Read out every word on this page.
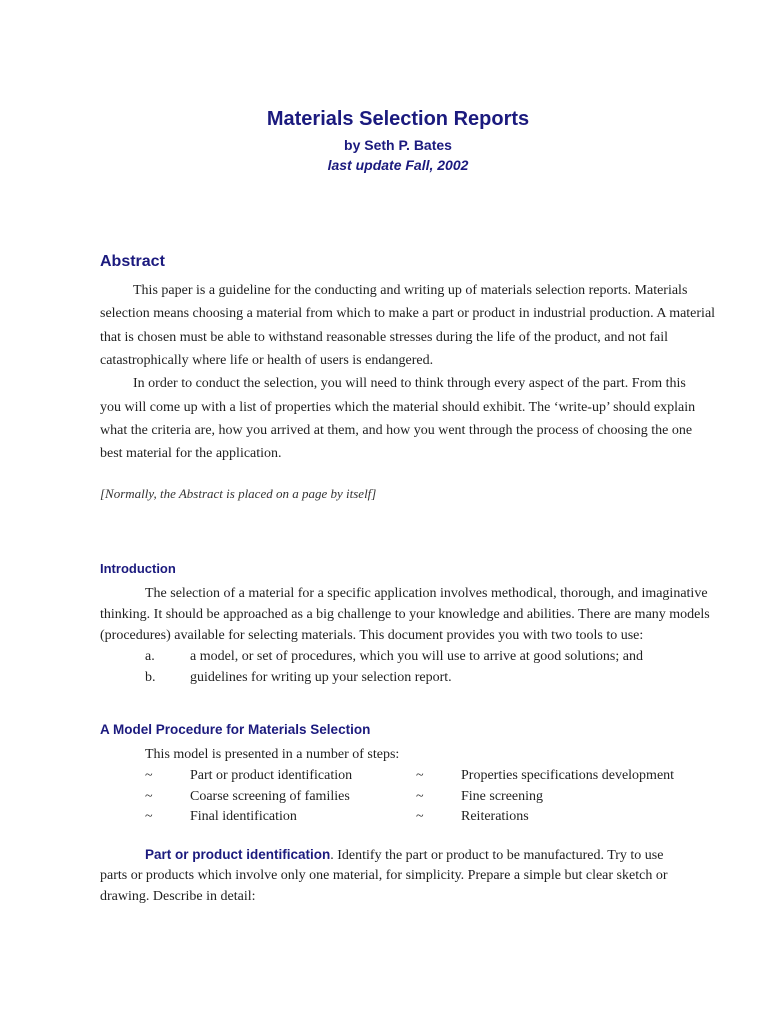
Materials Selection Reports
by Seth P. Bates
last update Fall, 2002
Abstract
This paper is a guideline for the conducting and writing up of materials selection reports. Materials
selection means choosing a material from which to make a part or product in industrial production. A material
that is chosen must be able to withstand reasonable stresses during the life of the product, and not fail
catastrophically where life or health of users is endangered.
In order to conduct the selection, you will need to think through every aspect of the part. From this
you will come up with a list of properties which the material should exhibit. The ‘write-up’ should explain
what the criteria are, how you arrived at them, and how you went through the process of choosing the one
best material for the application.
[Normally, the Abstract is placed on a page by itself]
Introduction
The selection of a material for a specific application involves methodical, thorough, and imaginative
thinking. It should be approached as a big challenge to your knowledge and abilities. There are many models
(procedures) available for selecting materials. This document provides you with two tools to use:
a.	a model, or set of procedures, which you will use to arrive at good solutions; and
b. guidelines for writing up your selection report.
A Model Procedure for Materials Selection
This model is presented in a number of steps:
~	Part or product identification	~	Properties specifications development
~	Coarse screening of families	~	Fine screening
~	Final identification	~	Reiterations
Part or product identification. Identify the part or product to be manufactured. Try to use
parts or products which involve only one material, for simplicity. Prepare a simple but clear sketch or
drawing. Describe in detail:
